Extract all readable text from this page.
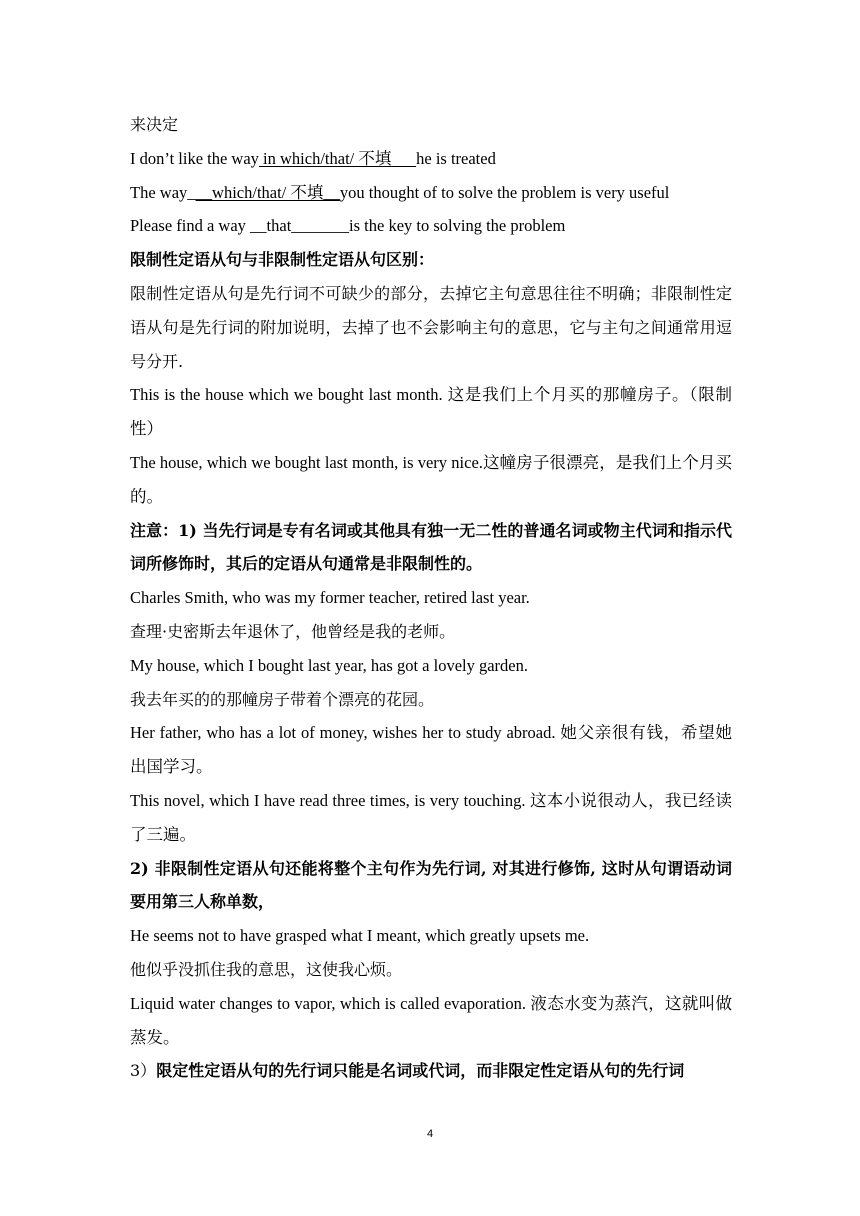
来决定
I don’t like the way in which/that/ 不填 he is treated
The way___which/that/ 不填__you thought of to solve the problem is very useful
Please find a way __that_______is the key to solving the problem
限制性定语从句与非限制性定语从句区别：
限制性定语从句是先行词不可缺少的部分，去掉它主句意思往往不明确；非限制性定语从句是先行词的附加说明，去掉了也不会影响主句的意思，它与主句之间通常用逗号分开.
This is the house which we bought last month. 这是我们上个月买的那幢房子。（限制性）
The house, which we bought last month, is very nice.这幢房子很漂亮，是我们上个月买的。
注意：1) 当先行词是专有名词或其他具有独一无二性的普通名词或物主代词和指示代词所修饰时，其后的定语从句通常是非限制性的。
Charles Smith, who was my former teacher, retired last year.
查理·史密斯去年退休了，他曾经是我的老师。
My house, which I bought last year, has got a lovely garden.
我去年买的的那幢房子带着个漂亮的花园。
Her father, who has a lot of money, wishes her to study abroad. 她父亲很有钱，希望她出国学习。
This novel, which I have read three times, is very touching. 这本小说很动人，我已经读了三遍。
2) 非限制性定语从句还能将整个主句作为先行词, 对其进行修饰, 这时从句谓语动词要用第三人称单数，
He seems not to have grasped what I meant, which greatly upsets me.
他似乎没抓住我的意思，这使我心烦。
Liquid water changes to vapor, which is called evaporation. 液态水变为蒸汽，这就叫做蒸发。
3）限定性定语从句的先行词只能是名词或代词，而非限定性定语从句的先行词
4
